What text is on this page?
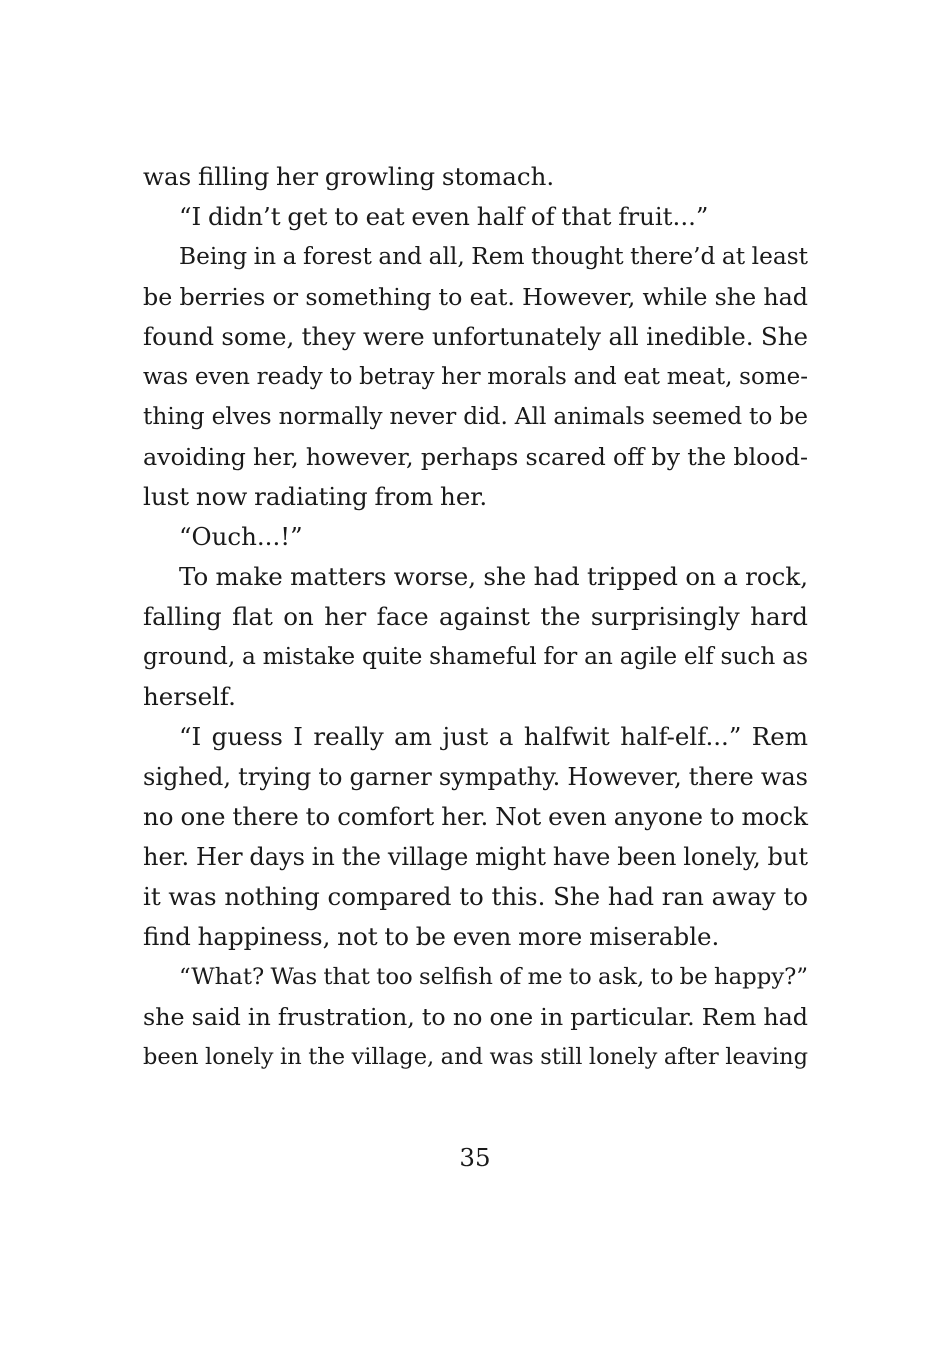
was filling her growling stomach.
“I didn’t get to eat even half of that fruit...”
Being in a forest and all, Rem thought there’d at least
be berries or something to eat. However, while she had
found some, they were unfortunately all inedible. She
was even ready to betray her morals and eat meat, some-
thing elves normally never did. All animals seemed to be
avoiding her, however, perhaps scared off by the blood-
lust now radiating from her.
“Ouch...!”
To make matters worse, she had tripped on a rock,
falling flat on her face against the surprisingly hard
ground, a mistake quite shameful for an agile elf such as
herself.
“I guess I really am just a halfwit half-elf...” Rem
sighed, trying to garner sympathy. However, there was
no one there to comfort her. Not even anyone to mock
her. Her days in the village might have been lonely, but
it was nothing compared to this. She had ran away to
find happiness, not to be even more miserable.
“What? Was that too selfish of me to ask, to be happy?”
she said in frustration, to no one in particular. Rem had
been lonely in the village, and was still lonely after leaving
35
